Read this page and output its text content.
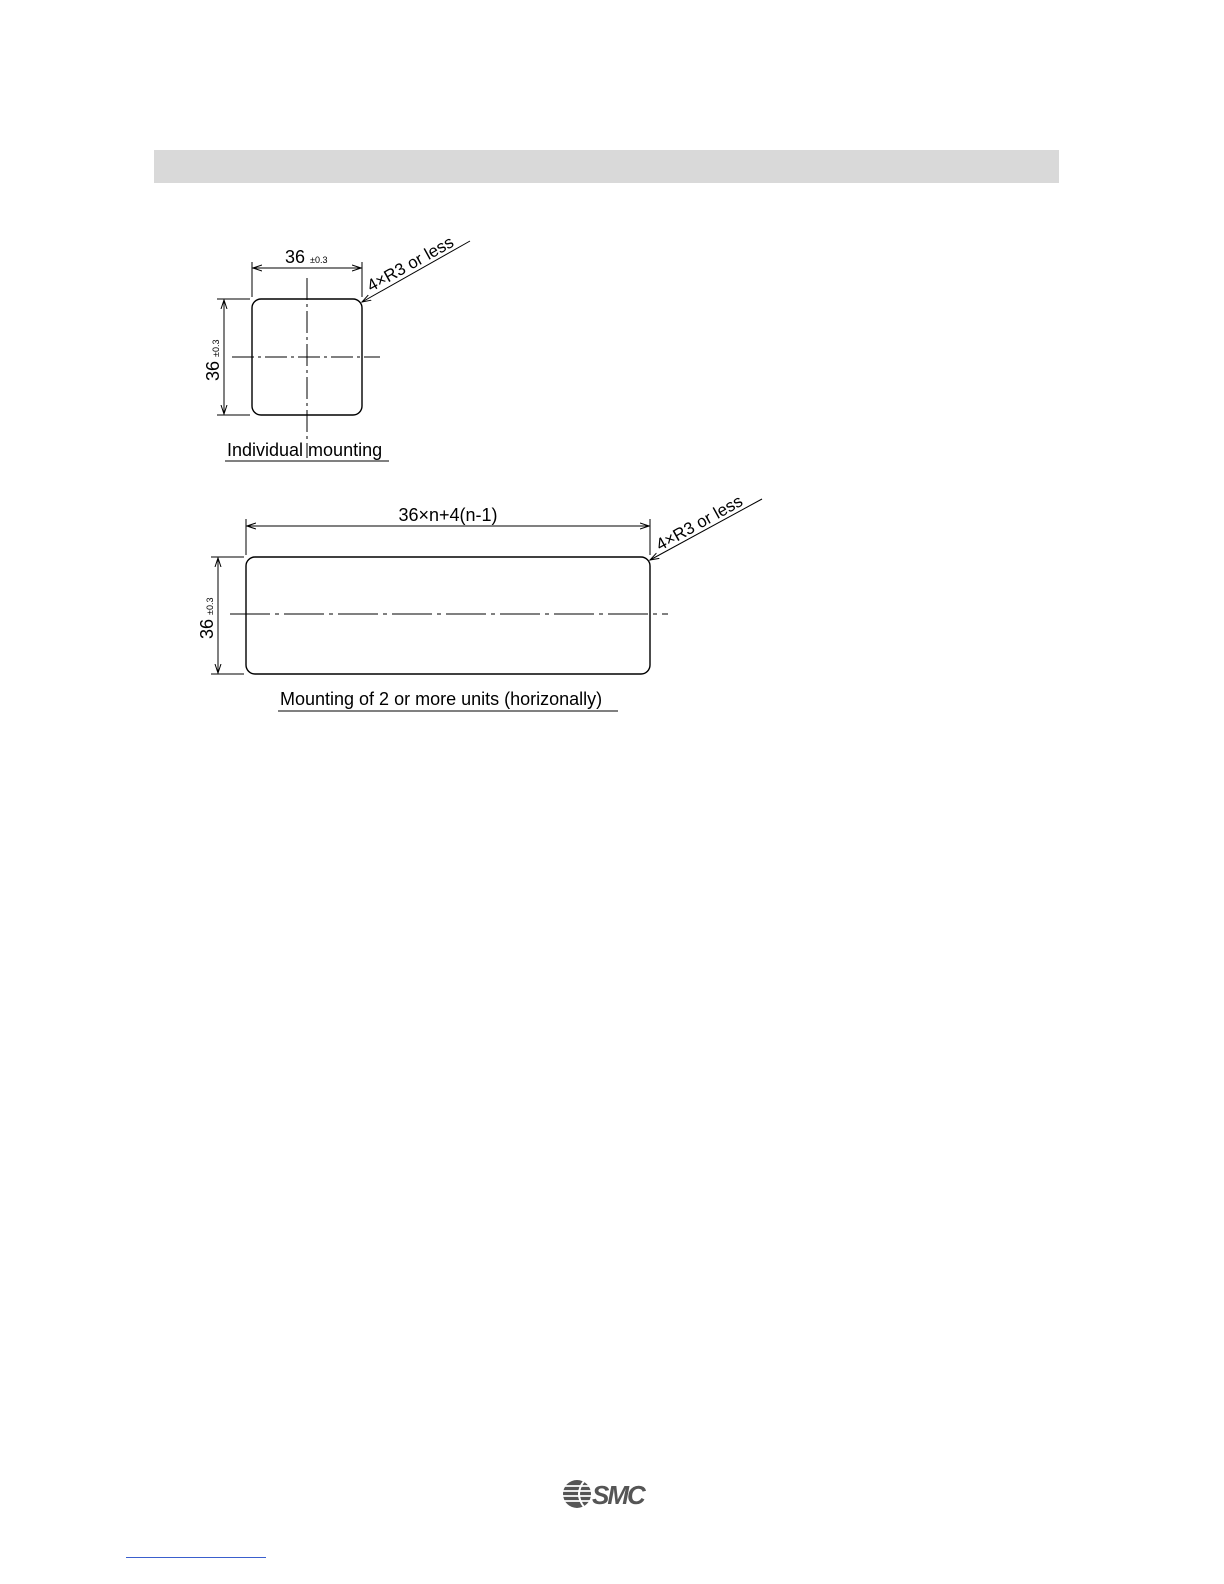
36 ±0.3
36
±0.3
4×R3 or less
Individual mounting
36×n+4(n-1)
36
±0.3
4×R3 or less
Mounting of 2 or more units (horizonally)
SMC
